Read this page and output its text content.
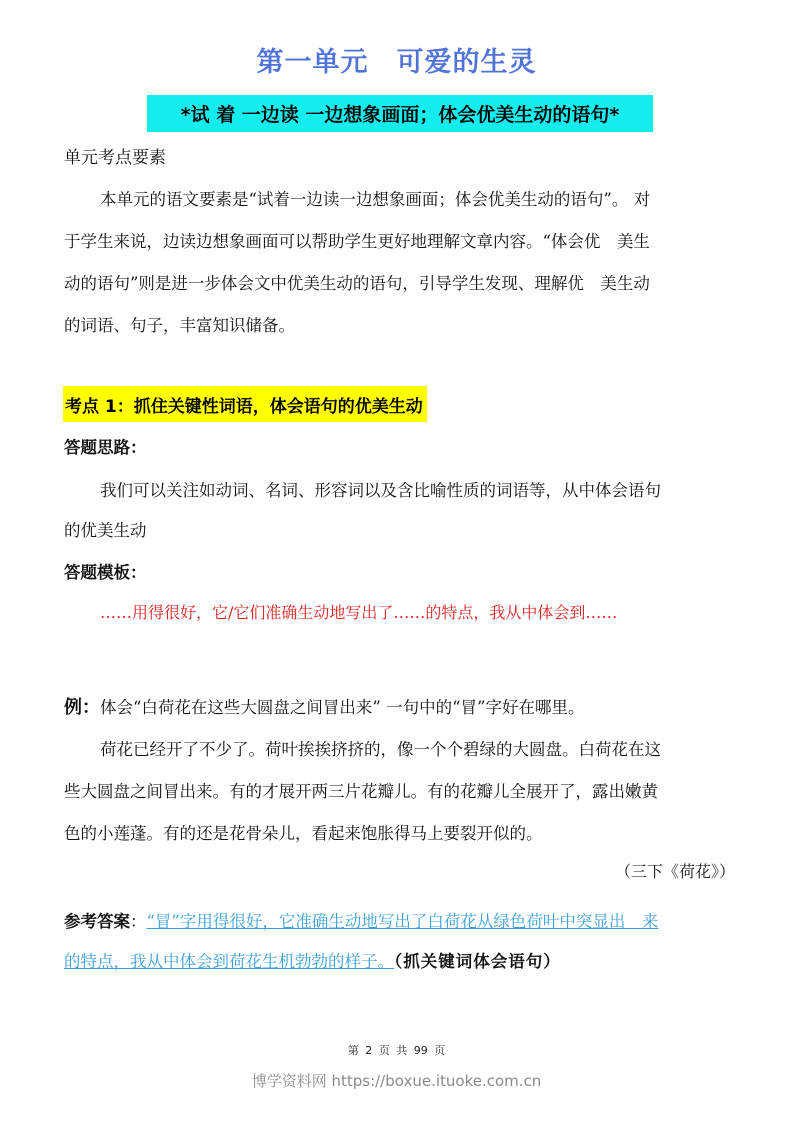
第一单元 可爱的生灵
*试 着 一边读 一边想象画面；体会优美生动的语句*
单元考点要素
本单元的语文要素是“试着一边读一边想象画面；体会优美生动的语句”。 对
于学生来说，边读边想象画面可以帮助学生更好地理解文章内容。“体会优　美生
动的语句”则是进一步体会文中优美生动的语句，引导学生发现、理解优　美生动
的词语、句子，丰富知识储备。
考点 1：抓住关键性词语，体会语句的优美生动
答题思路：
我们可以关注如动词、名词、形容词以及含比喻性质的词语等，从中体会语句
的优美生动
答题模板：
……用得很好，它/它们准确生动地写出了……的特点，我从中体会到……
例：体会“白荷花在这些大圆盘之间冒出来” 一句中的“冒”字好在哪里。
荷花已经开了不少了。荷叶挨挨挤挤的，像一个个碧绿的大圆盘。白荷花在这
些大圆盘之间冒出来。有的才展开两三片花瓣儿。有的花瓣儿全展开了，露出嫩黄
色的小莲蓬。有的还是花骨朵儿，看起来饱胀得马上要裂开似的。
（三下《荷花》）
参考答案：“冒”字用得很好，它准确生动地写出了白荷花从绿色荷叶中突显出　来
的特点，我从中体会到荷花生机勃勃的样子。（抓关键词体会语句）
第 2 页 共 99 页
博学资料网 https://boxue.ituoke.com.cn
